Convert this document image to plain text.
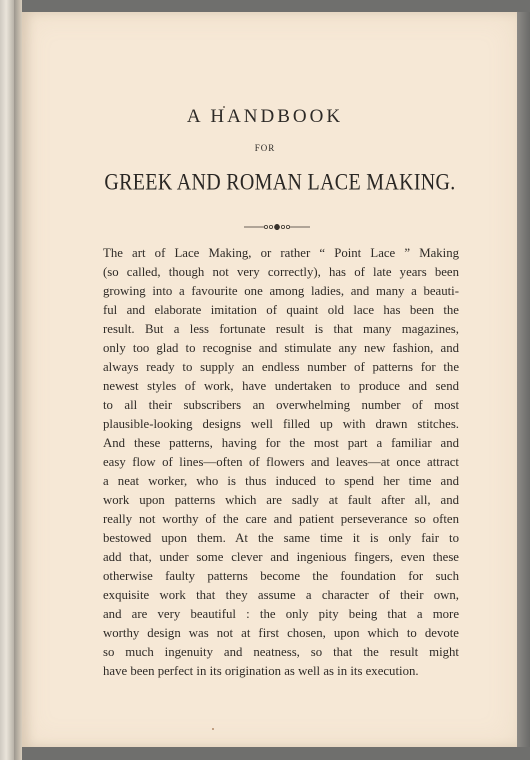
A HANDBOOK
FOR
GREEK AND ROMAN LACE MAKING.
The art of Lace Making, or rather “ Point Lace ” Making
(so called, though not very correctly), has of late years been
growing into a favourite one among ladies, and many a beauti-
ful and elaborate imitation of quaint old lace has been the
result. But a less fortunate result is that many magazines,
only too glad to recognise and stimulate any new fashion, and
always ready to supply an endless number of patterns for the
newest styles of work, have undertaken to produce and send
to all their subscribers an overwhelming number of most
plausible-looking designs well filled up with drawn stitches.
And these patterns, having for the most part a familiar and
easy flow of lines—often of flowers and leaves—at once attract
a neat worker, who is thus induced to spend her time and
work upon patterns which are sadly at fault after all, and
really not worthy of the care and patient perseverance so often
bestowed upon them. At the same time it is only fair to
add that, under some clever and ingenious fingers, even these
otherwise faulty patterns become the foundation for such
exquisite work that they assume a character of their own,
and are very beautiful : the only pity being that a more
worthy design was not at first chosen, upon which to devote
so much ingenuity and neatness, so that the result might
have been perfect in its origination as well as in its execution.
